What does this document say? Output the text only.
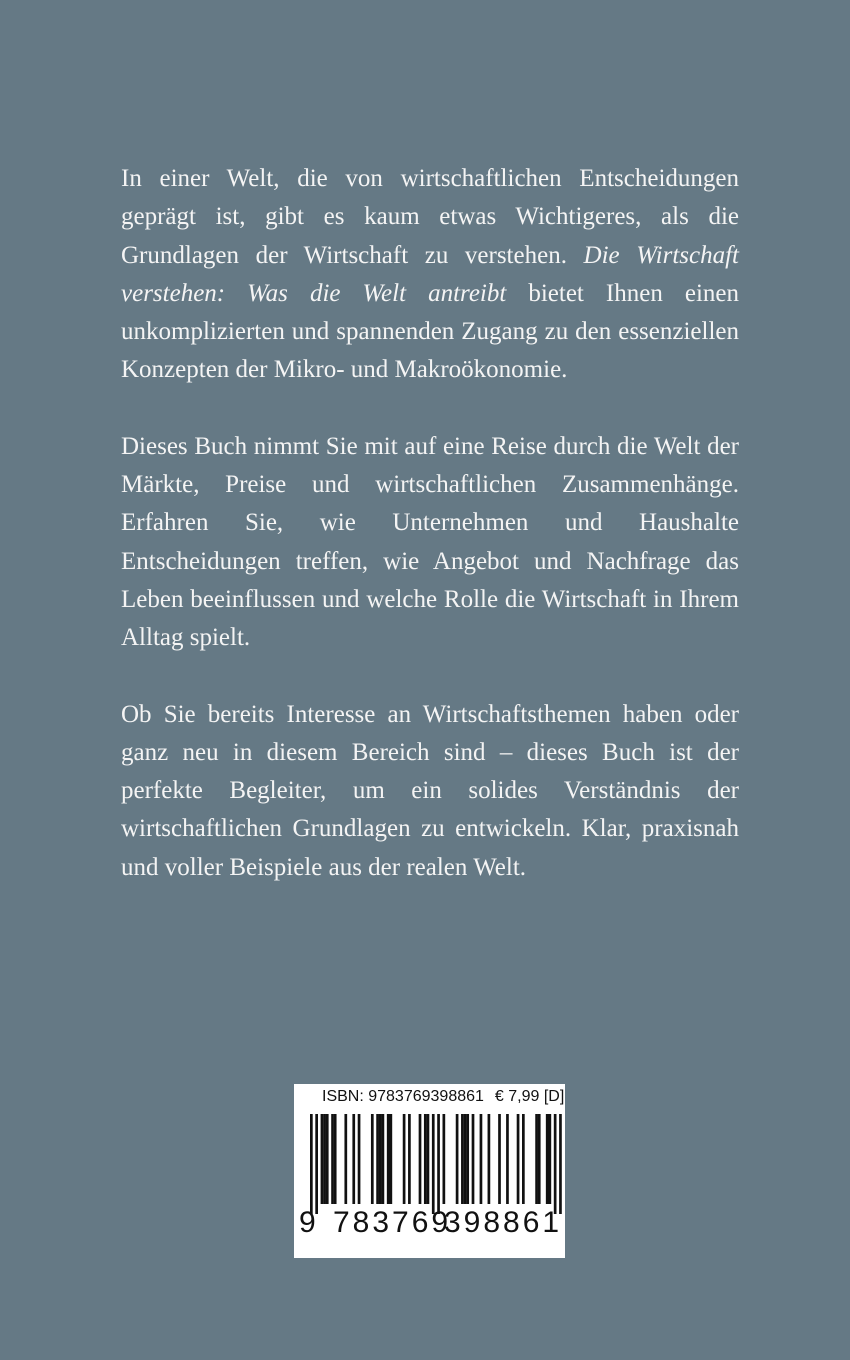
In einer Welt, die von wirtschaftlichen Entscheidungen geprägt ist, gibt es kaum etwas Wichtigeres, als die Grundlagen der Wirtschaft zu verstehen. Die Wirtschaft verstehen: Was die Welt antreibt bietet Ihnen einen unkomplizierten und spannenden Zugang zu den essenziellen Konzepten der Mikro- und Makroökonomie.

Dieses Buch nimmt Sie mit auf eine Reise durch die Welt der Märkte, Preise und wirtschaftlichen Zusammenhänge. Erfahren Sie, wie Unternehmen und Haushalte Entscheidungen treffen, wie Angebot und Nachfrage das Leben beeinflussen und welche Rolle die Wirtschaft in Ihrem Alltag spielt.

Ob Sie bereits Interesse an Wirtschaftsthemen haben oder ganz neu in diesem Bereich sind – dieses Buch ist der perfekte Begleiter, um ein solides Verständnis der wirtschaftlichen Grundlagen zu entwickeln. Klar, praxisnah und voller Beispiele aus der realen Welt.

ISBN: 9783769398861 € 7,99 [D]
9 783769
398861
